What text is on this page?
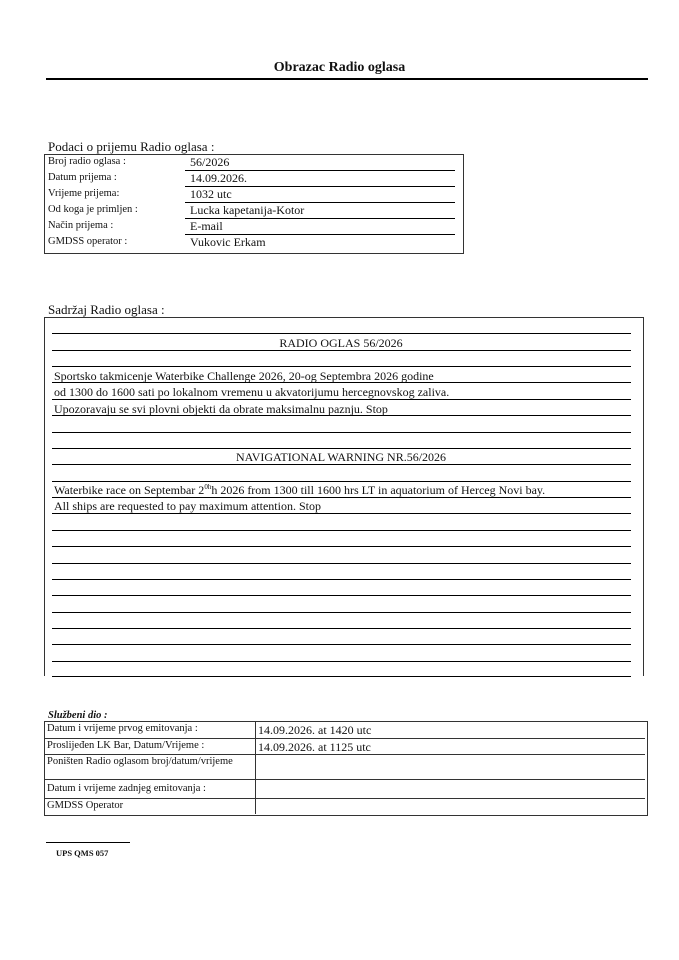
Obrazac Radio oglasa
Podaci o prijemu Radio oglasa :
Broj radio oglasa :	56/2026
Datum prijema :	14.09.2026.
Vrijeme prijema:	1032 utc
Od koga je primljen :	Lucka kapetanija-Kotor
Način prijema :	E-mail
GMDSS operator :	Vukovic Erkam
Sadržaj Radio oglasa :
RADIO OGLAS 56/2026
Sportsko takmicenje Waterbike Challenge 2026, 20-og Septembra 2026 godine
od 1300 do 1600 sati po lokalnom vremenu u akvatorijumu hercegnovskog zaliva.
Upozoravaju se svi plovni objekti da obrate maksimalnu paznju. Stop
NAVIGATIONAL WARNING NR.56/2026
Waterbike race on Septembar $2^{0h}h$ 2026 from 1300 till 1600 hrs LT in aquatorium of Herceg Novi bay.
All ships are requested to pay maximum attention. Stop
Službeni dio :
Datum i vrijeme prvog emitovanja :	14.09.2026. at 1420 utc
Proslijeđen LK Bar, Datum/Vrijeme :	14.09.2026. at 1125 utc
Poništen Radio oglasom broj/datum/vrijeme
Datum i vrijeme zadnjeg emitovanja :
GMDSS Operator
UPS QMS 057
